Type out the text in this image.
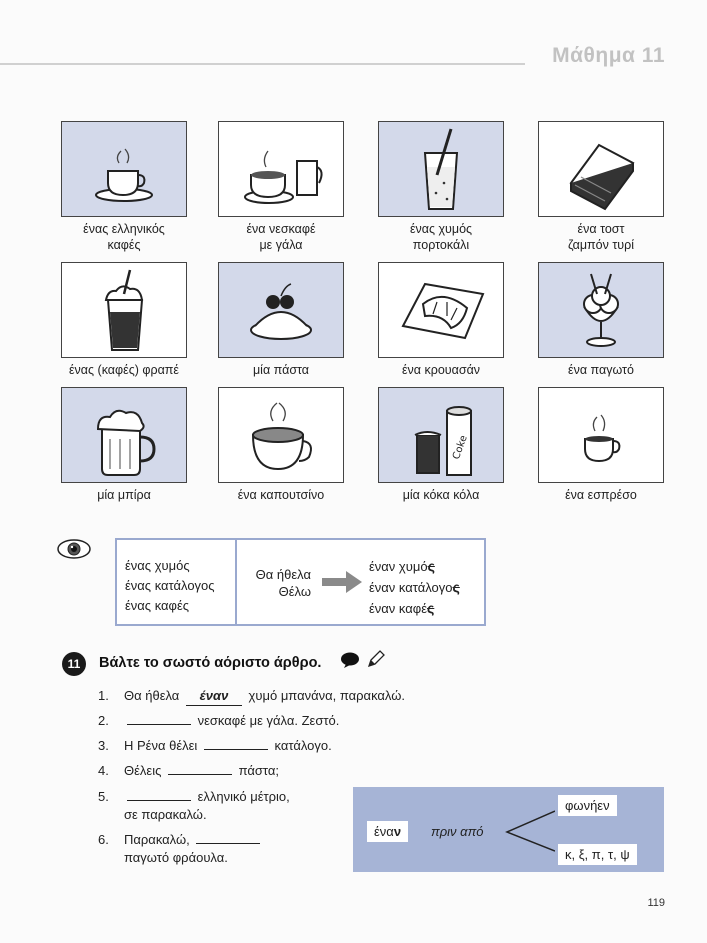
Μάθημα 11
ένας ελληνικός
καφές
ένα νεσκαφέ
με γάλα
ένας χυμός
πορτοκάλι
ένα τοστ
ζαμπόν τυρί
ένας (καφές) φραπέ	μία πάστα	ένα κρουασάν	ένα παγωτό
μία μπίρα	ένα καπουτσίνο
Coke
μία κόκα κόλα	ένα εσπρέσο
ένας χυμός
ένας κατάλογος
ένας καφές
Θα ήθελα
Θέλω
έναν χυμός
έναν κατάλογος
έναν καφές
11	Βάλτε το σωστό αόριστο άρθρο.
1. Θα ήθελα έναν χυμό μπανάνα, παρακαλώ.
2.	νεσκαφέ με γάλα. Ζεστό.
3. Η Ρένα θέλει	κατάλογο.
4. Θέλεις	πάστα;
5.	ελληνικό μέτριο,
σε παρακαλώ.
6. Παρακαλώ,
παγωτό φράουλα.
έναν	πριν από
φωνήεν
κ, ξ, π, τ, ψ
119
